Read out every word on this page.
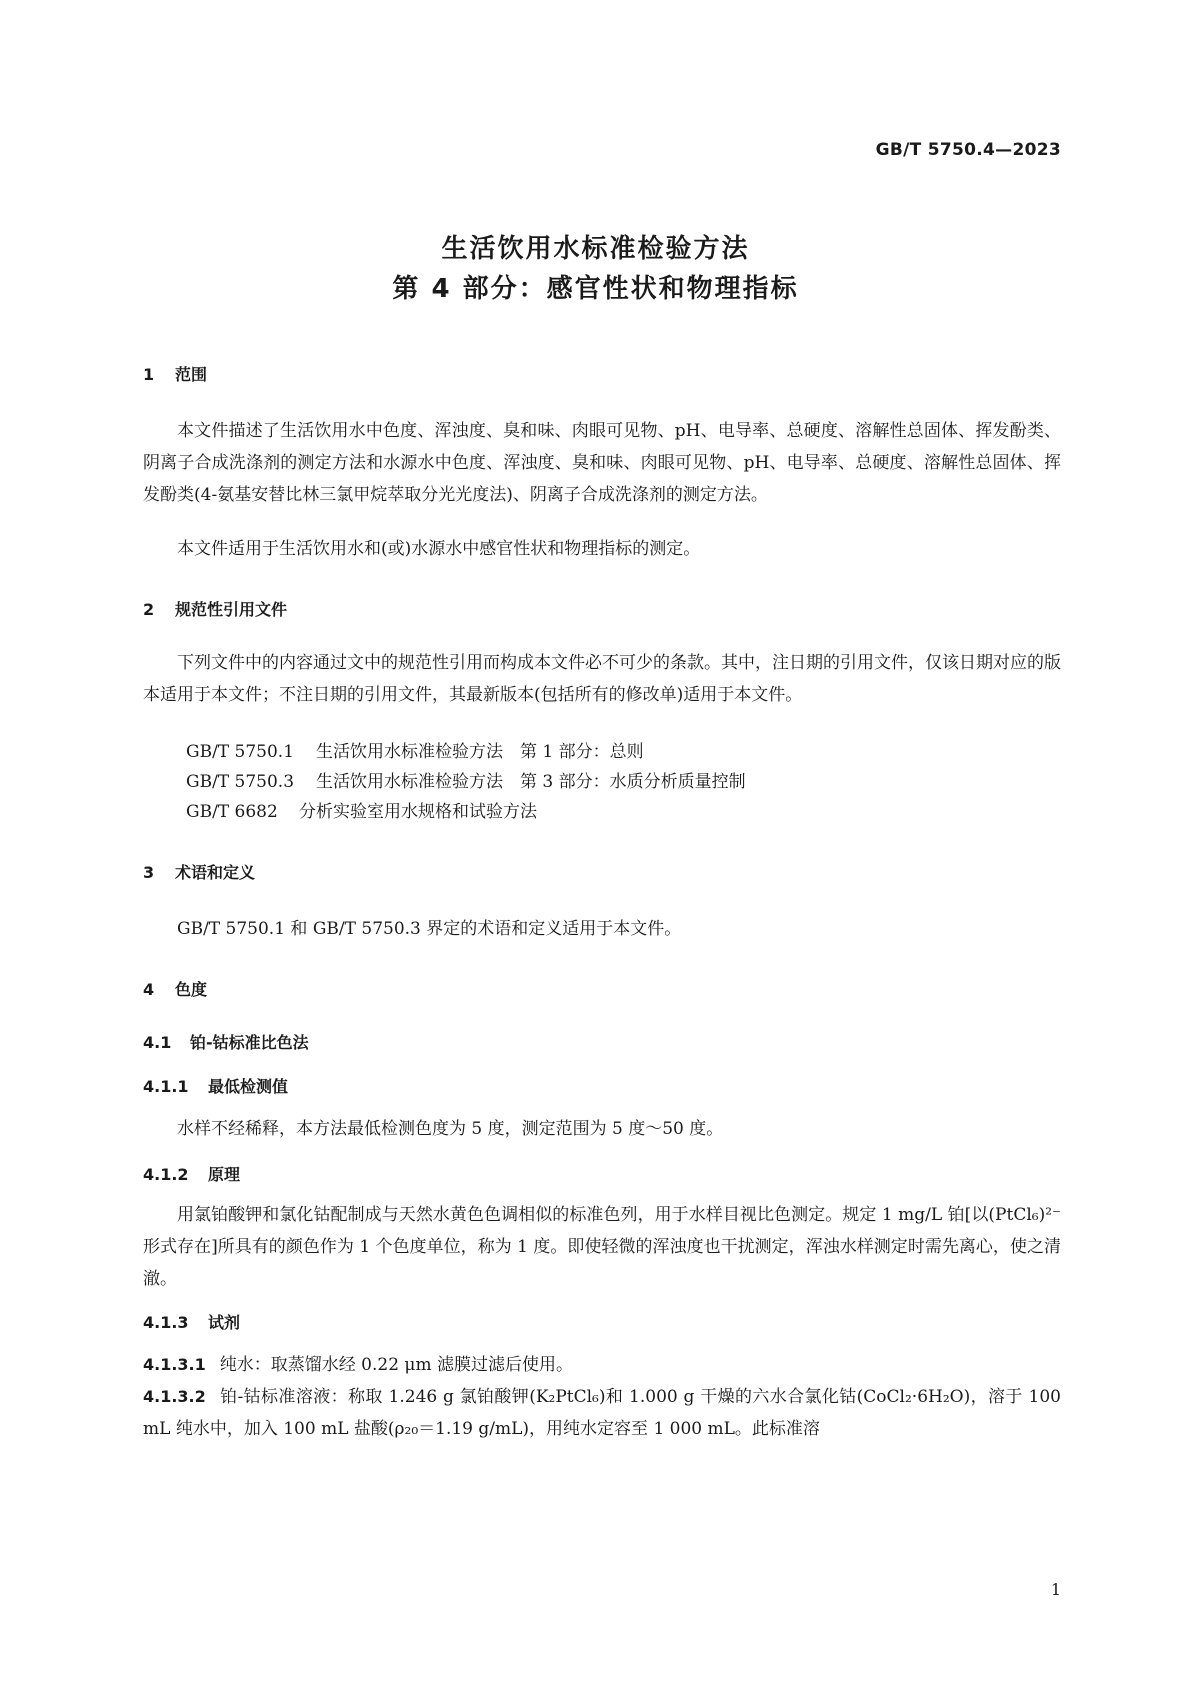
GB/T 5750.4—2023
生活饮用水标准检验方法
第 4 部分：感官性状和物理指标
1 范围

本文件描述了生活饮用水中色度、浑浊度、臭和味、肉眼可见物、pH、电导率、总硬度、溶解性总固体、挥发酚类、阴离子合成洗涤剂的测定方法和水源水中色度、浑浊度、臭和味、肉眼可见物、pH、电导率、总硬度、溶解性总固体、挥发酚类(4-氨基安替比林三氯甲烷萃取分光光度法)、阴离子合成洗涤剂的测定方法。

本文件适用于生活饮用水和(或)水源水中感官性状和物理指标的测定。

2 规范性引用文件

下列文件中的内容通过文中的规范性引用而构成本文件必不可少的条款。其中，注日期的引用文件，仅该日期对应的版本适用于本文件；不注日期的引用文件，其最新版本(包括所有的修改单)适用于本文件。

GB/T 5750.1 生活饮用水标准检验方法　第 1 部分：总则
GB/T 5750.3 生活饮用水标准检验方法　第 3 部分：水质分析质量控制
GB/T 6682 分析实验室用水规格和试验方法
3 术语和定义

GB/T 5750.1 和 GB/T 5750.3 界定的术语和定义适用于本文件。

4 色度
4.1 铂-钴标准比色法
4.1.1 最低检测值

水样不经稀释，本方法最低检测色度为 5 度，测定范围为 5 度～50 度。

4.1.2 原理

用氯铂酸钾和氯化钴配制成与天然水黄色色调相似的标准色列，用于水样目视比色测定。规定 1 mg/L 铂[以(PtCl₆)²⁻形式存在]所具有的颜色作为 1 个色度单位，称为 1 度。即使轻微的浑浊度也干扰测定，浑浊水样测定时需先离心，使之清澈。

4.1.3 试剂

4.1.3.1 纯水：取蒸馏水经 0.22 μm 滤膜过滤后使用。

4.1.3.2 铂-钴标准溶液：称取 1.246 g 氯铂酸钾(K₂PtCl₆)和 1.000 g 干燥的六水合氯化钴(CoCl₂·6H₂O)，溶于 100 mL 纯水中，加入 100 mL 盐酸(ρ₂₀＝1.19 g/mL)，用纯水定容至 1 000 mL。此标准溶

1
